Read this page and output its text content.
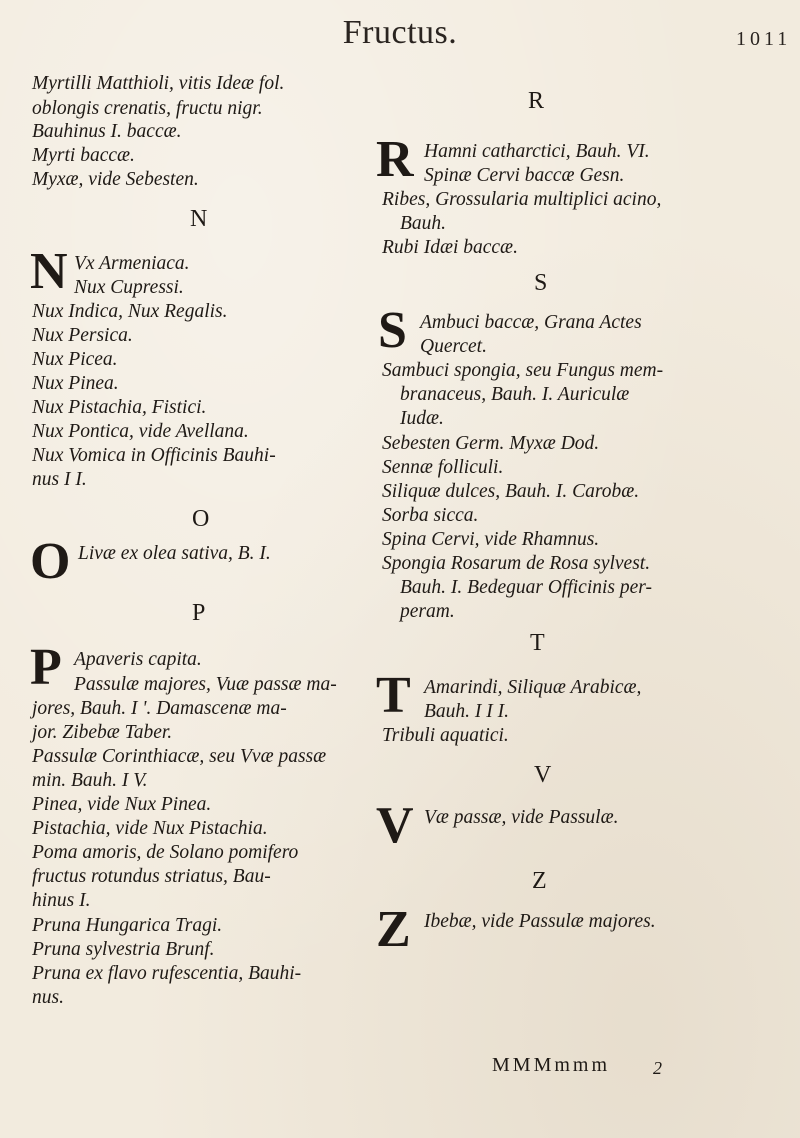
Fructus.	1011
Myrtilli Matthioli, vitis Ideæ fol.
oblongis crenatis, fructu nigr.
Bauhinus I. baccæ.
Myrti baccæ.
Myxæ, vide Sebesten.
N
N Vx Armeniaca.
Nux Cupressi.
Nux Indica, Nux Regalis.
Nux Persica.
Nux Picea.
Nux Pinea.
Nux Pistachia, Fistici.
Nux Pontica, vide Avellana.
Nux Vomica in Officinis Bauhi-
nus I I.
O
O Livæ ex olea sativa, B. I.
P
P Apaveris capita.
Passulæ majores, Vuæ passæ ma-
jores, Bauh. I '. Damascenæ ma-
jor. Zibebæ Taber.
Passulæ Corinthiacæ, seu Vvæ passæ
min. Bauh. I V.
Pinea, vide Nux Pinea.
Pistachia, vide Nux Pistachia.
Poma amoris, de Solano pomifero
fructus rotundus striatus, Bau-
hinus I.
Pruna Hungarica Tragi.
Pruna sylvestria Brunf.
Pruna ex flavo rufescentia, Bauhi-
nus.
R
R Hamni catharctici, Bauh. VI.
Spinæ Cervi baccæ Gesn.
Ribes, Grossularia multiplici acino,
Bauh.
Rubi Idæi baccæ.
S
S Ambuci baccæ, Grana Actes
Quercet.
Sambuci spongia, seu Fungus mem-
branaceus, Bauh. I. Auriculæ
Iudæ.
Sebesten Germ. Myxæ Dod.
Sennæ folliculi.
Siliquæ dulces, Bauh. I. Carobæ.
Sorba sicca.
Spina Cervi, vide Rhamnus.
Spongia Rosarum de Rosa sylvest.
Bauh. I. Bedeguar Officinis per-
peram.
T
T Amarindi, Siliquæ Arabicæ,
Bauh. I I I.
Tribuli aquatici.
V
V Væ passæ, vide Passulæ.
Z
Z Ibebæ, vide Passulæ majores.
MMMmmm 2
